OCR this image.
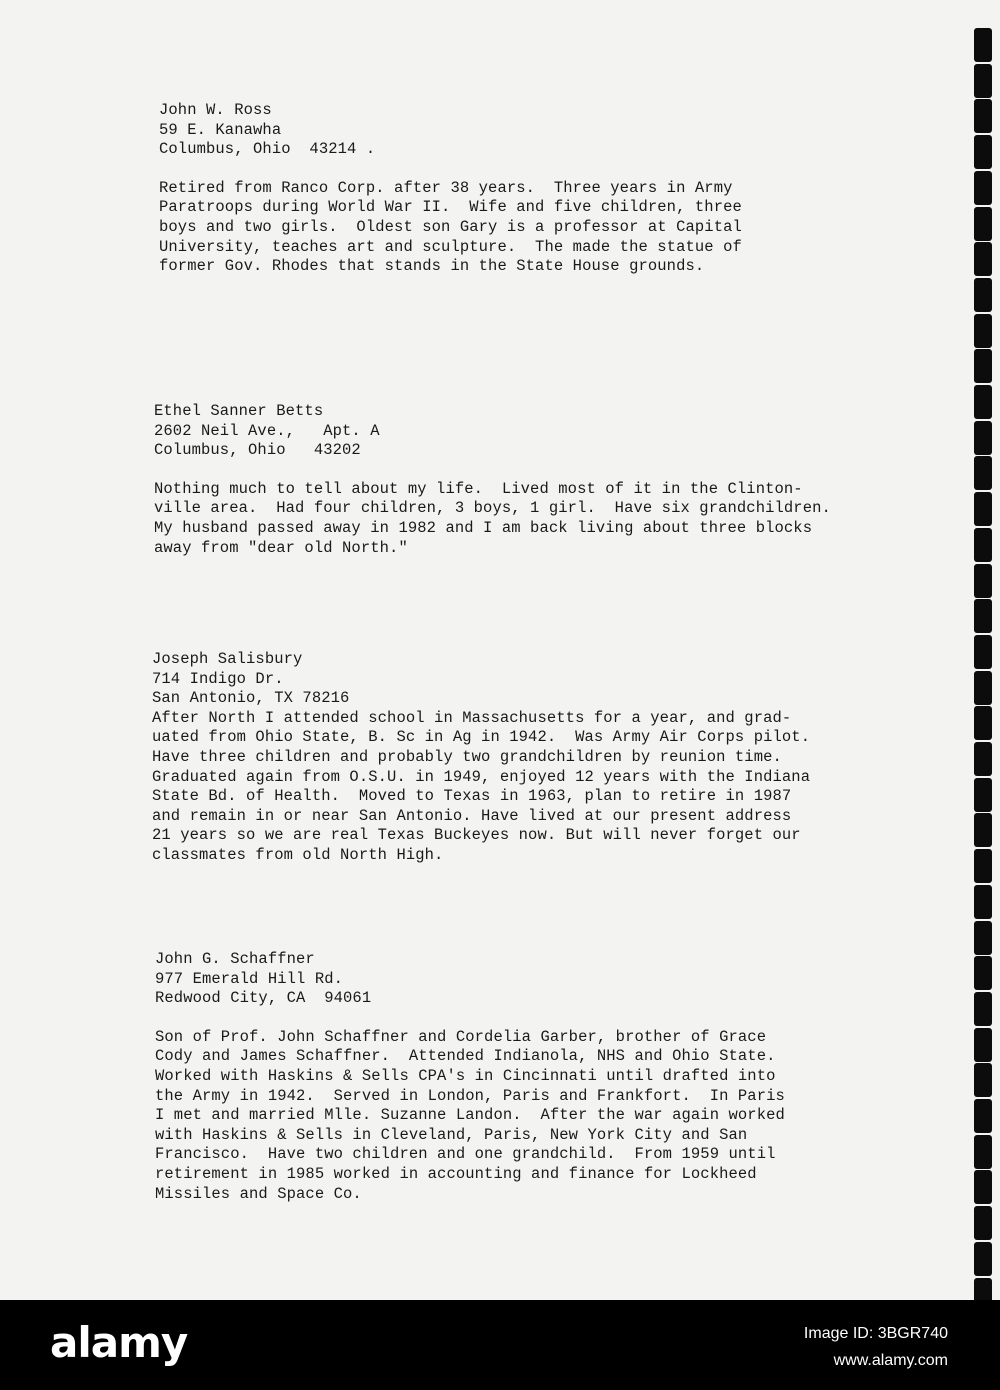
John W. Ross
59 E. Kanawha
Columbus, Ohio  43214 .
Retired from Ranco Corp. after 38 years.  Three years in Army
Paratroops during World War II.  Wife and five children, three
boys and two girls.  Oldest son Gary is a professor at Capital
University, teaches art and sculpture.  The made the statue of
former Gov. Rhodes that stands in the State House grounds.
Ethel Sanner Betts
2602 Neil Ave.,   Apt. A
Columbus, Ohio   43202
Nothing much to tell about my life.  Lived most of it in the Clinton-
ville area.  Had four children, 3 boys, 1 girl.  Have six grandchildren.
My husband passed away in 1982 and I am back living about three blocks
away from "dear old North."
Joseph Salisbury
714 Indigo Dr.
San Antonio, TX 78216
After North I attended school in Massachusetts for a year, and grad-
uated from Ohio State, B. Sc in Ag in 1942.  Was Army Air Corps pilot.
Have three children and probably two grandchildren by reunion time.
Graduated again from O.S.U. in 1949, enjoyed 12 years with the Indiana
State Bd. of Health.  Moved to Texas in 1963, plan to retire in 1987
and remain in or near San Antonio. Have lived at our present address
21 years so we are real Texas Buckeyes now. But will never forget our
classmates from old North High.
John G. Schaffner
977 Emerald Hill Rd.
Redwood City, CA  94061
Son of Prof. John Schaffner and Cordelia Garber, brother of Grace
Cody and James Schaffner.  Attended Indianola, NHS and Ohio State.
Worked with Haskins & Sells CPA's in Cincinnati until drafted into
the Army in 1942.  Served in London, Paris and Frankfort.  In Paris
I met and married Mlle. Suzanne Landon.  After the war again worked
with Haskins & Sells in Cleveland, Paris, New York City and San
Francisco.  Have two children and one grandchild.  From 1959 until
retirement in 1985 worked in accounting and finance for Lockheed
Missiles and Space Co.
alamy	Image ID: 3BGR740
www.alamy.com
